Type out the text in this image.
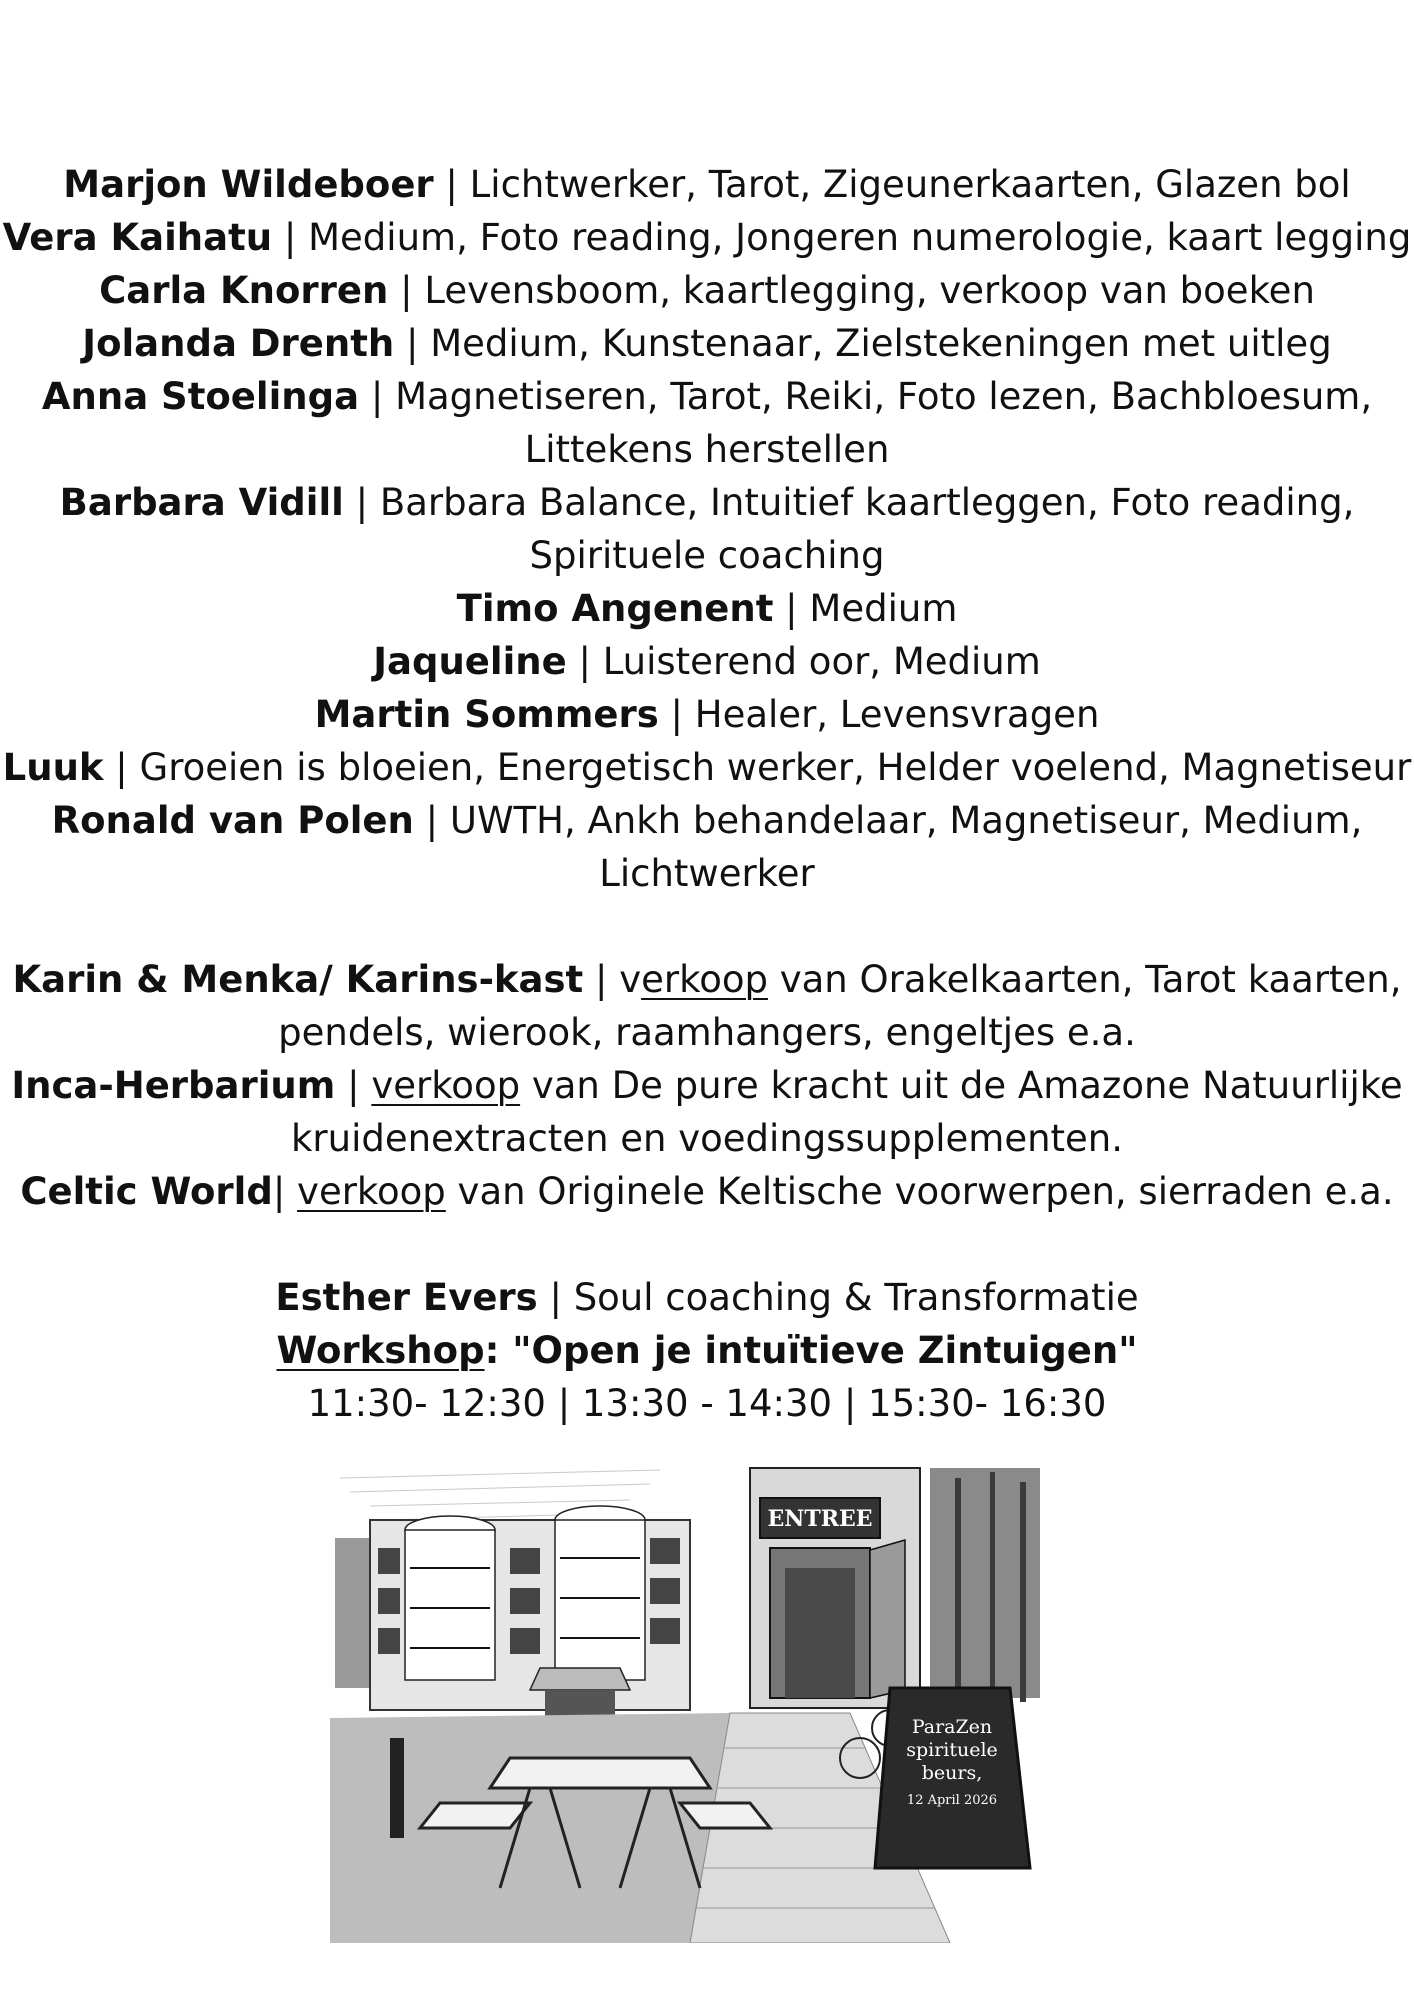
Marjon Wildeboer | Lichtwerker, Tarot, Zigeunerkaarten, Glazen bol
Vera Kaihatu | Medium, Foto reading, Jongeren numerologie, kaart legging
Carla Knorren | Levensboom, kaartlegging, verkoop van boeken
Jolanda Drenth | Medium, Kunstenaar, Zielstekeningen met uitleg
Anna Stoelinga | Magnetiseren, Tarot, Reiki, Foto lezen, Bachbloesum,
Littekens herstellen
Barbara Vidill | Barbara Balance, Intuitief kaartleggen, Foto reading,
Spirituele coaching
Timo Angenent | Medium
Jaqueline | Luisterend oor, Medium
Martin Sommers | Healer, Levensvragen
Luuk | Groeien is bloeien, Energetisch werker, Helder voelend, Magnetiseur
Ronald van Polen | UWTH, Ankh behandelaar, Magnetiseur, Medium,
Lichtwerker
Karin & Menka/ Karins-kast | verkoop van Orakelkaarten, Tarot kaarten,
pendels, wierook, raamhangers, engeltjes e.a.
Inca-Herbarium | verkoop van De pure kracht uit de Amazone Natuurlijke
kruidenextracten en voedingssupplementen.
Celtic World| verkoop van Originele Keltische voorwerpen, sierraden e.a.
Esther Evers | Soul coaching & Transformatie
Workshop: "Open je intuïtieve Zintuigen"
11:30- 12:30 | 13:30 - 14:30 | 15:30- 16:30
ENTREE
ParaZen
spirituele
beurs,
12 April 2026
